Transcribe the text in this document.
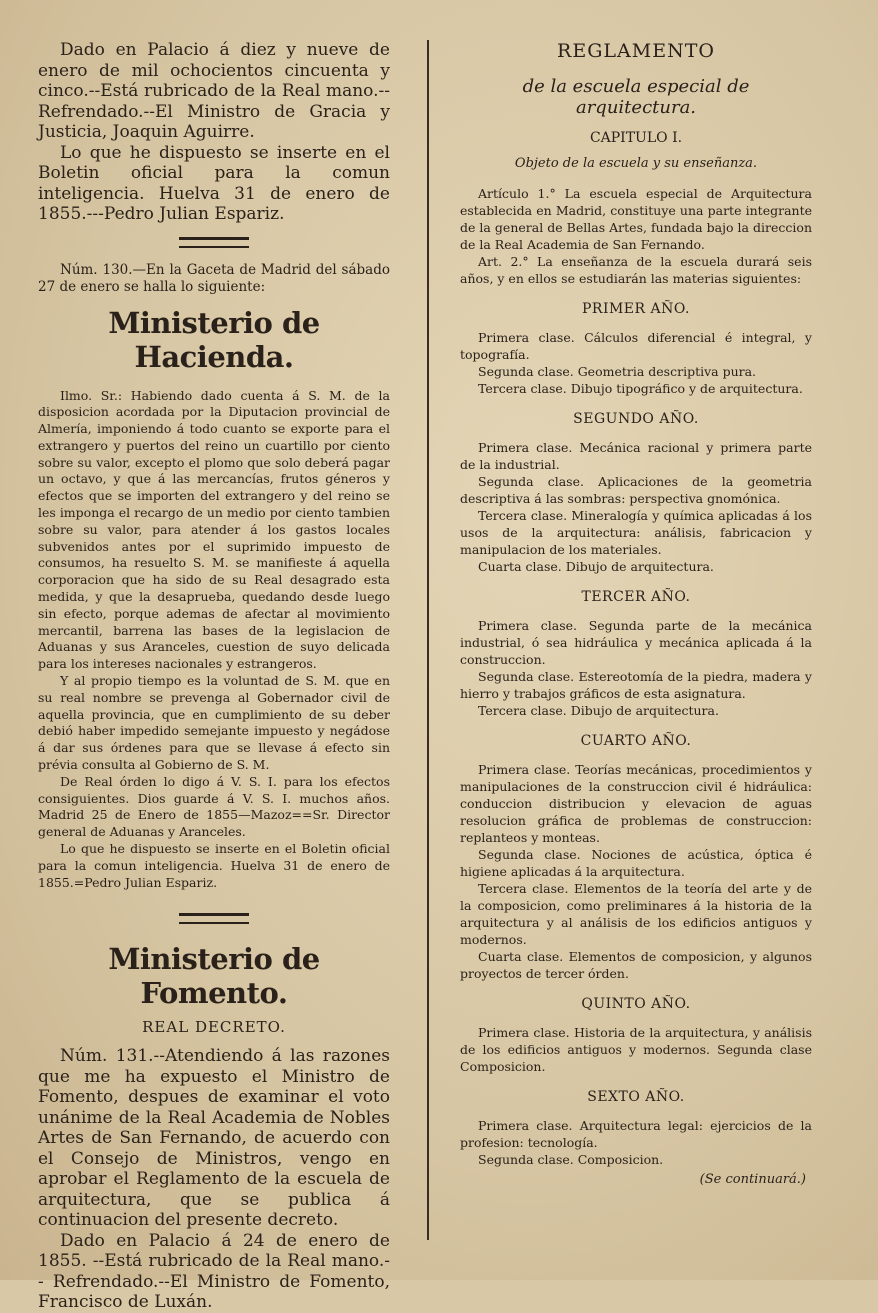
Dado en Palacio á diez y nueve de enero de mil ochocientos cincuenta y cinco.--Está rubricado de la Real mano.--Refrendado.--El Ministro de Gracia y Justicia, Joaquin Aguirre.

Lo que he dispuesto se inserte en el Boletin oficial para la comun inteligencia. Huelva 31 de enero de 1855.---Pedro Julian Espariz.

Núm. 130.—En la Gaceta de Madrid del sábado 27 de enero se halla lo siguiente:

Ministerio de Hacienda.

Ilmo. Sr.: Habiendo dado cuenta á S. M. de la disposicion acordada por la Diputacion provincial de Almería, imponiendo á todo cuanto se exporte para el extrangero y puertos del reino un cuartillo por ciento sobre su valor, excepto el plomo que solo deberá pagar un octavo, y que á las mercancías, frutos géneros y efectos que se importen del extrangero y del reino se les imponga el recargo de un medio por ciento tambien sobre su valor, para atender á los gastos locales subvenidos antes por el suprimido impuesto de consumos, ha resuelto S. M. se manifieste á aquella corporacion que ha sido de su Real desagrado esta medida, y que la desaprueba, quedando desde luego sin efecto, porque ademas de afectar al movimiento mercantil, barrena las bases de la legislacion de Aduanas y sus Aranceles, cuestion de suyo delicada para los intereses nacionales y estrangeros.

Y al propio tiempo es la voluntad de S. M. que en su real nombre se prevenga al Gobernador civil de aquella provincia, que en cumplimiento de su deber debió haber impedido semejante impuesto y negádose á dar sus órdenes para que se llevase á efecto sin prévia consulta al Gobierno de S. M.

De Real órden lo digo á V. S. I. para los efectos consiguientes. Dios guarde á V. S. I. muchos años. Madrid 25 de Enero de 1855—Mazoz==Sr. Director general de Aduanas y Aranceles.

Lo que he dispuesto se inserte en el Boletin oficial para la comun inteligencia. Huelva 31 de enero de 1855.=Pedro Julian Espariz.

Ministerio de Fomento.
REAL DECRETO.

Núm. 131.--Atendiendo á las razones que me ha expuesto el Ministro de Fomento, despues de examinar el voto unánime de la Real Academia de Nobles Artes de San Fernando, de acuerdo con el Consejo de Ministros, vengo en aprobar el Reglamento de la escuela de arquitectura, que se publica á continuacion del presente decreto.

Dado en Palacio á 24 de enero de 1855. --Está rubricado de la Real mano.-- Refrendado.--El Ministro de Fomento, Francisco de Luxán.

REGLAMENTO
de la escuela especial de arquitectura.
CAPITULO I.
Objeto de la escuela y su enseñanza.

Artículo 1.° La escuela especial de Arquitectura establecida en Madrid, constituye una parte integrante de la general de Bellas Artes, fundada bajo la direccion de la Real Academia de San Fernando.

Art. 2.° La enseñanza de la escuela durará seis años, y en ellos se estudiarán las materias siguientes:

PRIMER AÑO.

Primera clase. Cálculos diferencial é integral, y topografía.

Segunda clase. Geometria descriptiva pura.

Tercera clase. Dibujo tipográfico y de arquitectura.

SEGUNDO AÑO.

Primera clase. Mecánica racional y primera parte de la industrial.

Segunda clase. Aplicaciones de la geometria descriptiva á las sombras: perspectiva gnomónica.

Tercera clase. Mineralogía y química aplicadas á los usos de la arquitectura: análisis, fabricacion y manipulacion de los materiales.

Cuarta clase. Dibujo de arquitectura.

TERCER AÑO.

Primera clase. Segunda parte de la mecánica industrial, ó sea hidráulica y mecánica aplicada á la construccion.

Segunda clase. Estereotomía de la piedra, madera y hierro y trabajos gráficos de esta asignatura.

Tercera clase. Dibujo de arquitectura.

CUARTO AÑO.

Primera clase. Teorías mecánicas, procedimientos y manipulaciones de la construccion civil é hidráulica: conduccion distribucion y elevacion de aguas resolucion gráfica de problemas de construccion: replanteos y monteas.

Segunda clase. Nociones de acústica, óptica é higiene aplicadas á la arquitectura.

Tercera clase. Elementos de la teoría del arte y de la composicion, como preliminares á la historia de la arquitectura y al análisis de los edificios antiguos y modernos.

Cuarta clase. Elementos de composicion, y algunos proyectos de tercer órden.

QUINTO AÑO.

Primera clase. Historia de la arquitectura, y análisis de los edificios antiguos y modernos. Segunda clase Composicion.

SEXTO AÑO.

Primera clase. Arquitectura legal: ejercicios de la profesion: tecnología.

Segunda clase. Composicion.

(Se continuará.)
